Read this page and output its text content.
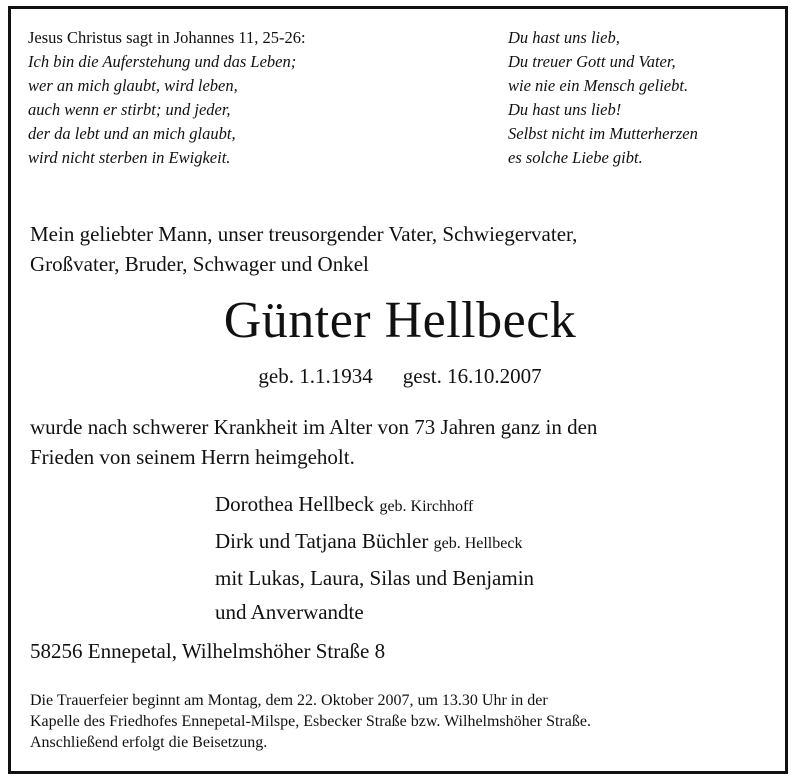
Jesus Christus sagt in Johannes 11, 25-26:
Ich bin die Auferstehung und das Leben;
wer an mich glaubt, wird leben,
auch wenn er stirbt; und jeder,
der da lebt und an mich glaubt,
wird nicht sterben in Ewigkeit.
Du hast uns lieb,
Du treuer Gott und Vater,
wie nie ein Mensch geliebt.
Du hast uns lieb!
Selbst nicht im Mutterherzen
es solche Liebe gibt.
Mein geliebter Mann, unser treusorgender Vater, Schwiegervater,
Großvater, Bruder, Schwager und Onkel
Günter Hellbeck
geb. 1.1.1934 gest. 16.10.2007
wurde nach schwerer Krankheit im Alter von 73 Jahren ganz in den
Frieden von seinem Herrn heimgeholt.
Dorothea Hellbeck geb. Kirchhoff
Dirk und Tatjana Büchler geb. Hellbeck
mit Lukas, Laura, Silas und Benjamin
und Anverwandte
58256 Ennepetal, Wilhelmshöher Straße 8
Die Trauerfeier beginnt am Montag, dem 22. Oktober 2007, um 13.30 Uhr in der
Kapelle des Friedhofes Ennepetal-Milspe, Esbecker Straße bzw. Wilhelmshöher Straße.
Anschließend erfolgt die Beisetzung.
